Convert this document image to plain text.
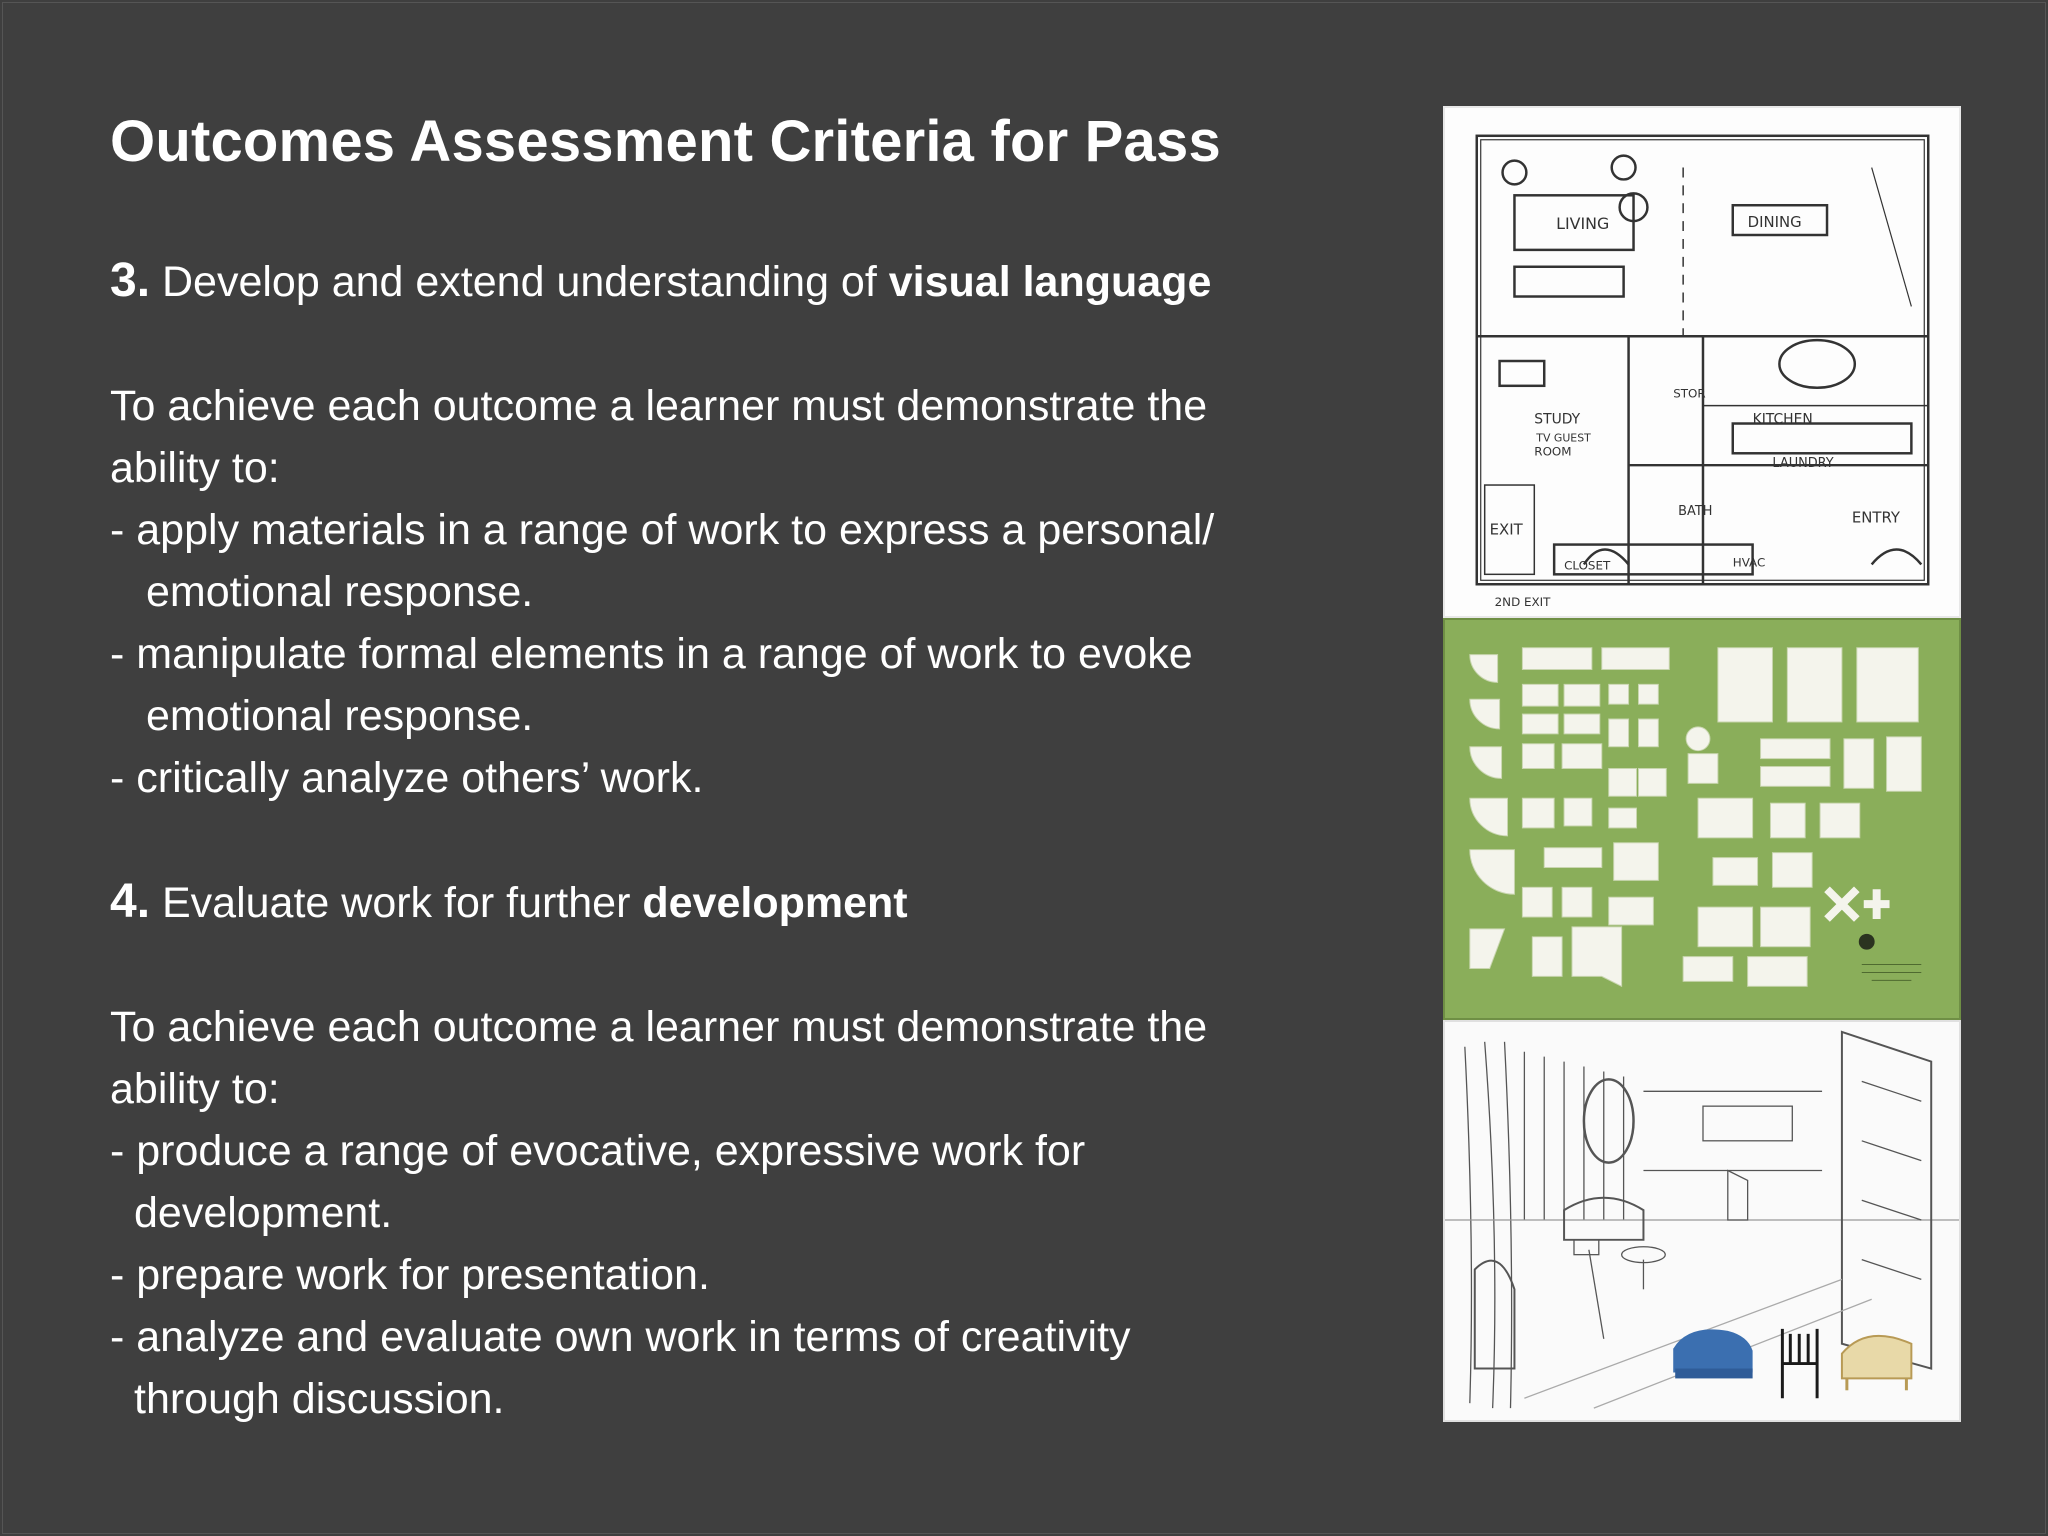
Outcomes Assessment Criteria for Pass

3. Develop and extend understanding of visual language

To achieve each outcome a learner must demonstrate the

ability to:

- apply materials in a range of work to express a personal/

emotional response.

- manipulate formal elements in a range of work to evoke

emotional response.

- critically analyze others’ work.

4. Evaluate work for further development

To achieve each outcome a learner must demonstrate the

ability to:

- produce a range of evocative, expressive work for

development.

- prepare work for presentation.

- analyze and evaluate own work in terms of creativity

through discussion.

LIVING	DINING
STUDY
TV GUEST
ROOM
KITCHEN
LAUNDRY
STOR
BATH
EXIT
ENTRY
CLOSET	HVAC
2ND EXIT
